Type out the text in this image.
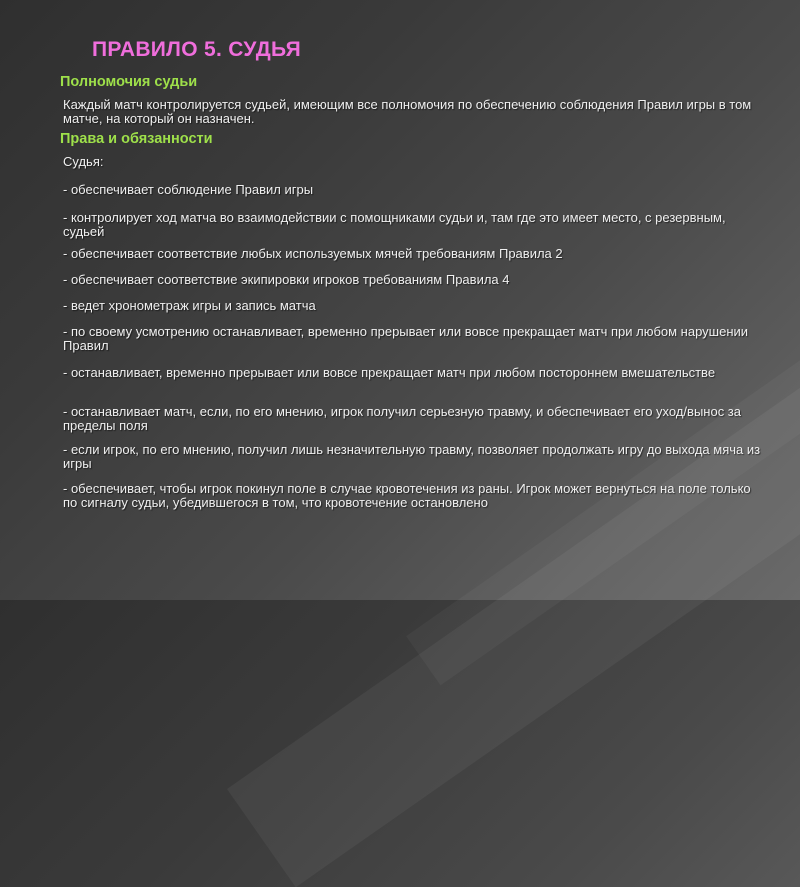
ПРАВИЛО 5. СУДЬЯ
Полномочия судьи
Каждый матч контролируется судьей, имеющим все полномочия по обеспечению соблюдения Правил игры в том матче, на который он назначен.
Права и обязанности
Судья:
- обеспечивает соблюдение Правил игры
- контролирует ход матча во взаимодействии с помощниками судьи и, там где это имеет место, с резервным, судьей
- обеспечивает соответствие любых используемых мячей требованиям Правила 2
- обеспечивает соответствие экипировки игроков требованиям Правила 4
- ведет хронометраж игры и запись матча
- по своему усмотрению останавливает, временно прерывает или вовсе прекращает матч при любом нарушении Правил
- останавливает, временно прерывает или вовсе прекращает матч при любом постороннем вмешательстве
- останавливает матч, если, по его мнению, игрок получил серьезную травму, и обеспечивает его уход/вынос за пределы поля
- если игрок, по его мнению, получил лишь незначительную травму, позволяет продолжать игру до выхода мяча из игры
- обеспечивает, чтобы игрок покинул поле в случае кровотечения из раны. Игрок может вернуться на поле только по сигналу судьи, убедившегося в том, что кровотечение остановлено
